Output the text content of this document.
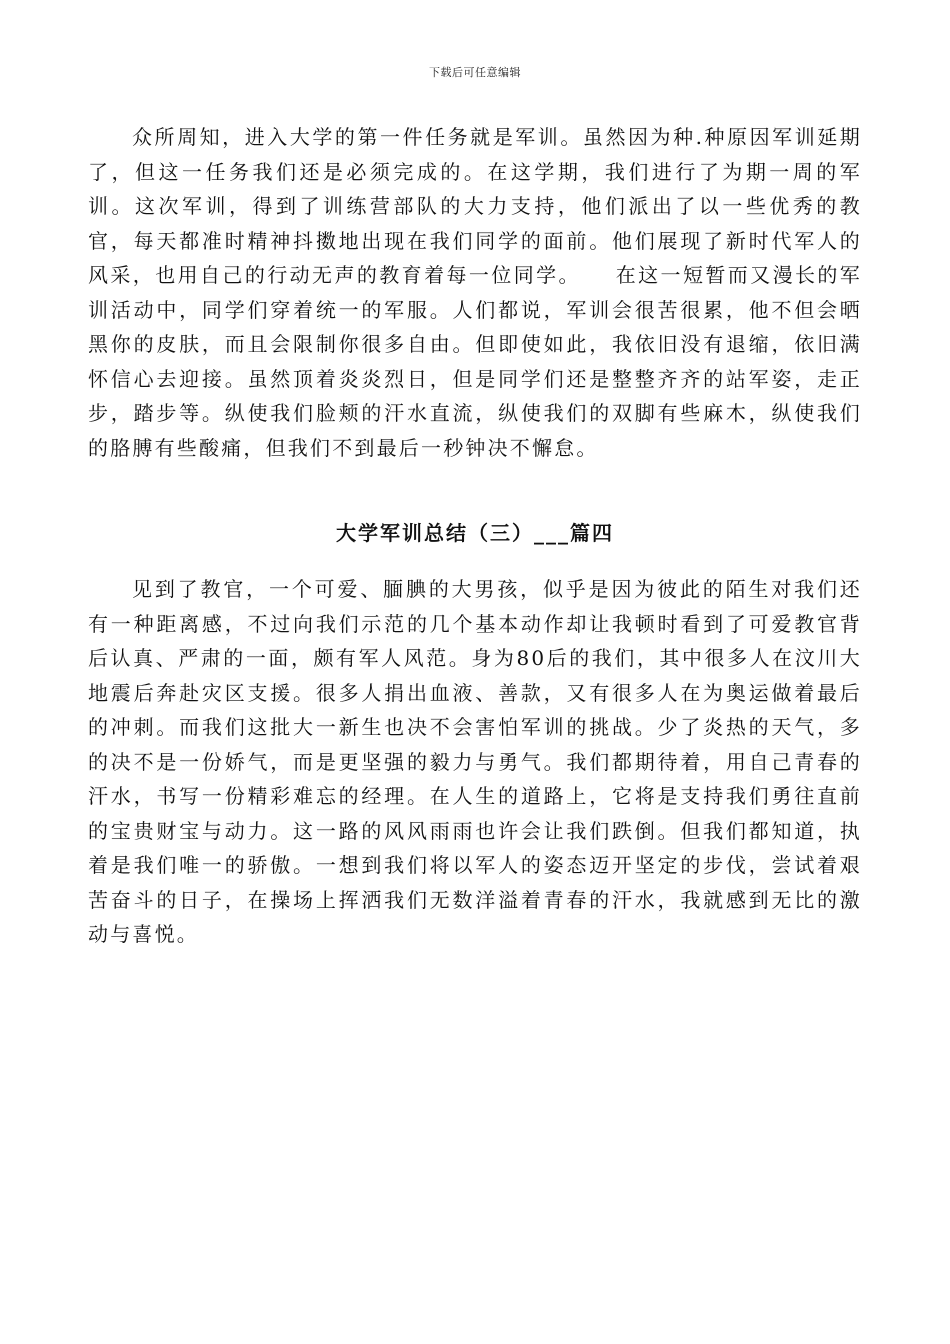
下载后可任意编辑

众所周知，进入大学的第一件任务就是军训。虽然因为种.种原因军训延期了，但这一任务我们还是必须完成的。在这学期，我们进行了为期一周的军训。这次军训，得到了训练营部队的大力支持，他们派出了以一些优秀的教官，每天都准时精神抖擞地出现在我们同学的面前。他们展现了新时代军人的风采，也用自己的行动无声的教育着每一位同学。　　在这一短暂而又漫长的军训活动中，同学们穿着统一的军服。人们都说，军训会很苦很累，他不但会晒黑你的皮肤，而且会限制你很多自由。但即使如此，我依旧没有退缩，依旧满怀信心去迎接。虽然顶着炎炎烈日，但是同学们还是整整齐齐的站军姿，走正步，踏步等。纵使我们脸颊的汗水直流，纵使我们的双脚有些麻木，纵使我们的胳膊有些酸痛，但我们不到最后一秒钟决不懈怠。

大学军训总结（三）___篇四

见到了教官，一个可爱、腼腆的大男孩，似乎是因为彼此的陌生对我们还有一种距离感，不过向我们示范的几个基本动作却让我顿时看到了可爱教官背后认真、严肃的一面，颇有军人风范。身为80后的我们，其中很多人在汶川大地震后奔赴灾区支援。很多人捐出血液、善款，又有很多人在为奥运做着最后的冲刺。而我们这批大一新生也决不会害怕军训的挑战。少了炎热的天气，多的决不是一份娇气，而是更坚强的毅力与勇气。我们都期待着，用自己青春的汗水，书写一份精彩难忘的经理。在人生的道路上，它将是支持我们勇往直前的宝贵财宝与动力。这一路的风风雨雨也许会让我们跌倒。但我们都知道，执着是我们唯一的骄傲。一想到我们将以军人的姿态迈开坚定的步伐，尝试着艰苦奋斗的日子，在操场上挥洒我们无数洋溢着青春的汗水，我就感到无比的激动与喜悦。
